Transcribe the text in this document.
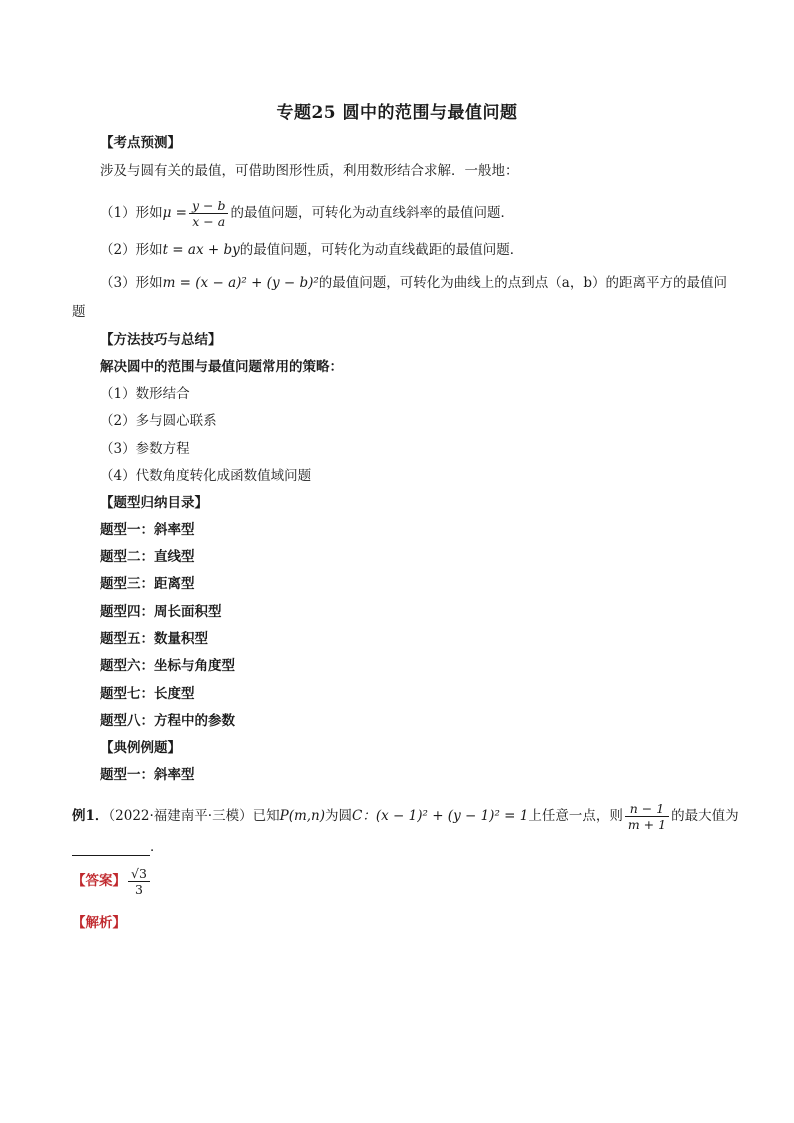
专题25 圆中的范围与最值问题
【考点预测】
涉及与圆有关的最值，可借助图形性质，利用数形结合求解．一般地：
（1）形如$\mu = \frac{y - b}{x - a}$ 的最值问题，可转化为动直线斜率的最值问题．
（2）形如t = ax + by的最值问题，可转化为动直线截距的最值问题．
（3）形如m = (x − a)² + (y − b)²的最值问题，可转化为曲线上的点到点（a，b）的距离平方的最值问
题
【方法技巧与总结】
解决圆中的范围与最值问题常用的策略：
（1）数形结合
（2）多与圆心联系
（3）参数方程
（4）代数角度转化成函数值域问题
【题型归纳目录】
题型一：斜率型
题型二：直线型
题型三：距离型
题型四：周长面积型
题型五：数量积型
题型六：坐标与角度型
题型七：长度型
题型八：方程中的参数
【典例例题】
题型一：斜率型
例1．（2022·福建南平·三模）已知P(m,n)为圆C：(x − 1)² + (y − 1)² = 1上任意一点，则 $\frac{n - 1}{m + 1}$ 的最大值为
．
【答案】 $\frac{√3}{3}$
【解析】
